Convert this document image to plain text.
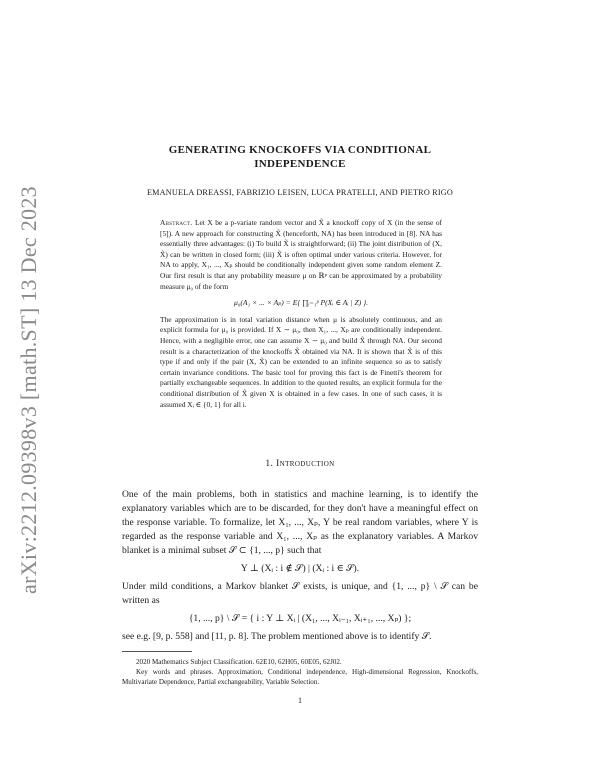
arXiv:2212.09398v3 [math.ST] 13 Dec 2023
GENERATING KNOCKOFFS VIA CONDITIONAL
INDEPENDENCE
EMANUELA DREASSI, FABRIZIO LEISEN, LUCA PRATELLI, AND PIETRO RIGO

Abstract. Let X be a p-variate random vector and X̃ a knockoff copy of X (in the sense of [5]). A new approach for constructing X̃ (henceforth, NA) has been introduced in [8]. NA has essentially three advantages: (i) To build X̃ is straightforward; (ii) The joint distribution of (X, X̃) can be written in closed form; (iii) X̃ is often optimal under various criteria. However, for NA to apply, X₁, ..., Xₚ should be conditionally independent given some random element Z. Our first result is that any probability measure μ on ℝᵖ can be approximated by a probability measure μ₀ of the form

μ₀(A₁ × ... × Aₚ) = E{ ∏ᵢ₌₁ᵖ P(Xᵢ ∈ Aᵢ | Z) }.

The approximation is in total variation distance when μ is absolutely continuous, and an explicit formula for μ₀ is provided. If X ∼ μ₀, then X₁, ..., Xₚ are conditionally independent. Hence, with a negligible error, one can assume X ∼ μ₀ and build X̃ through NA. Our second result is a characterization of the knockoffs X̃ obtained via NA. It is shown that X̃ is of this type if and only if the pair (X, X̃) can be extended to an infinite sequence so as to satisfy certain invariance conditions. The basic tool for proving this fact is de Finetti's theorem for partially exchangeable sequences. In addition to the quoted results, an explicit formula for the conditional distribution of X̃ given X is obtained in a few cases. In one of such cases, it is assumed Xᵢ ∈ {0, 1} for all i.

1. Introduction

One of the main problems, both in statistics and machine learning, is to identify the explanatory variables which are to be discarded, for they don't have a meaningful effect on the response variable. To formalize, let X₁, ..., Xₚ, Y be real random variables, where Y is regarded as the response variable and X₁, ..., Xₚ as the explanatory variables. A Markov blanket is a minimal subset 𝒮 ⊂ {1, ..., p} such that

Y ⊥ (Xᵢ : i ∉ 𝒮) | (Xᵢ : i ∈ 𝒮).

Under mild conditions, a Markov blanket 𝒮 exists, is unique, and {1, ..., p} \ 𝒮 can be written as

{1, ..., p} \ 𝒮 = { i : Y ⊥ Xᵢ | (X₁, ..., Xᵢ₋₁, Xᵢ₊₁, ..., Xₚ) };

see e.g. [9, p. 558] and [11, p. 8]. The problem mentioned above is to identify 𝒮.

2020 Mathematics Subject Classification. 62E10, 62H05, 60E05, 62J02.

Key words and phrases. Approximation, Conditional independence, High-dimensional Regression, Knockoffs, Multivariate Dependence, Partial exchangeability, Variable Selection.

1
